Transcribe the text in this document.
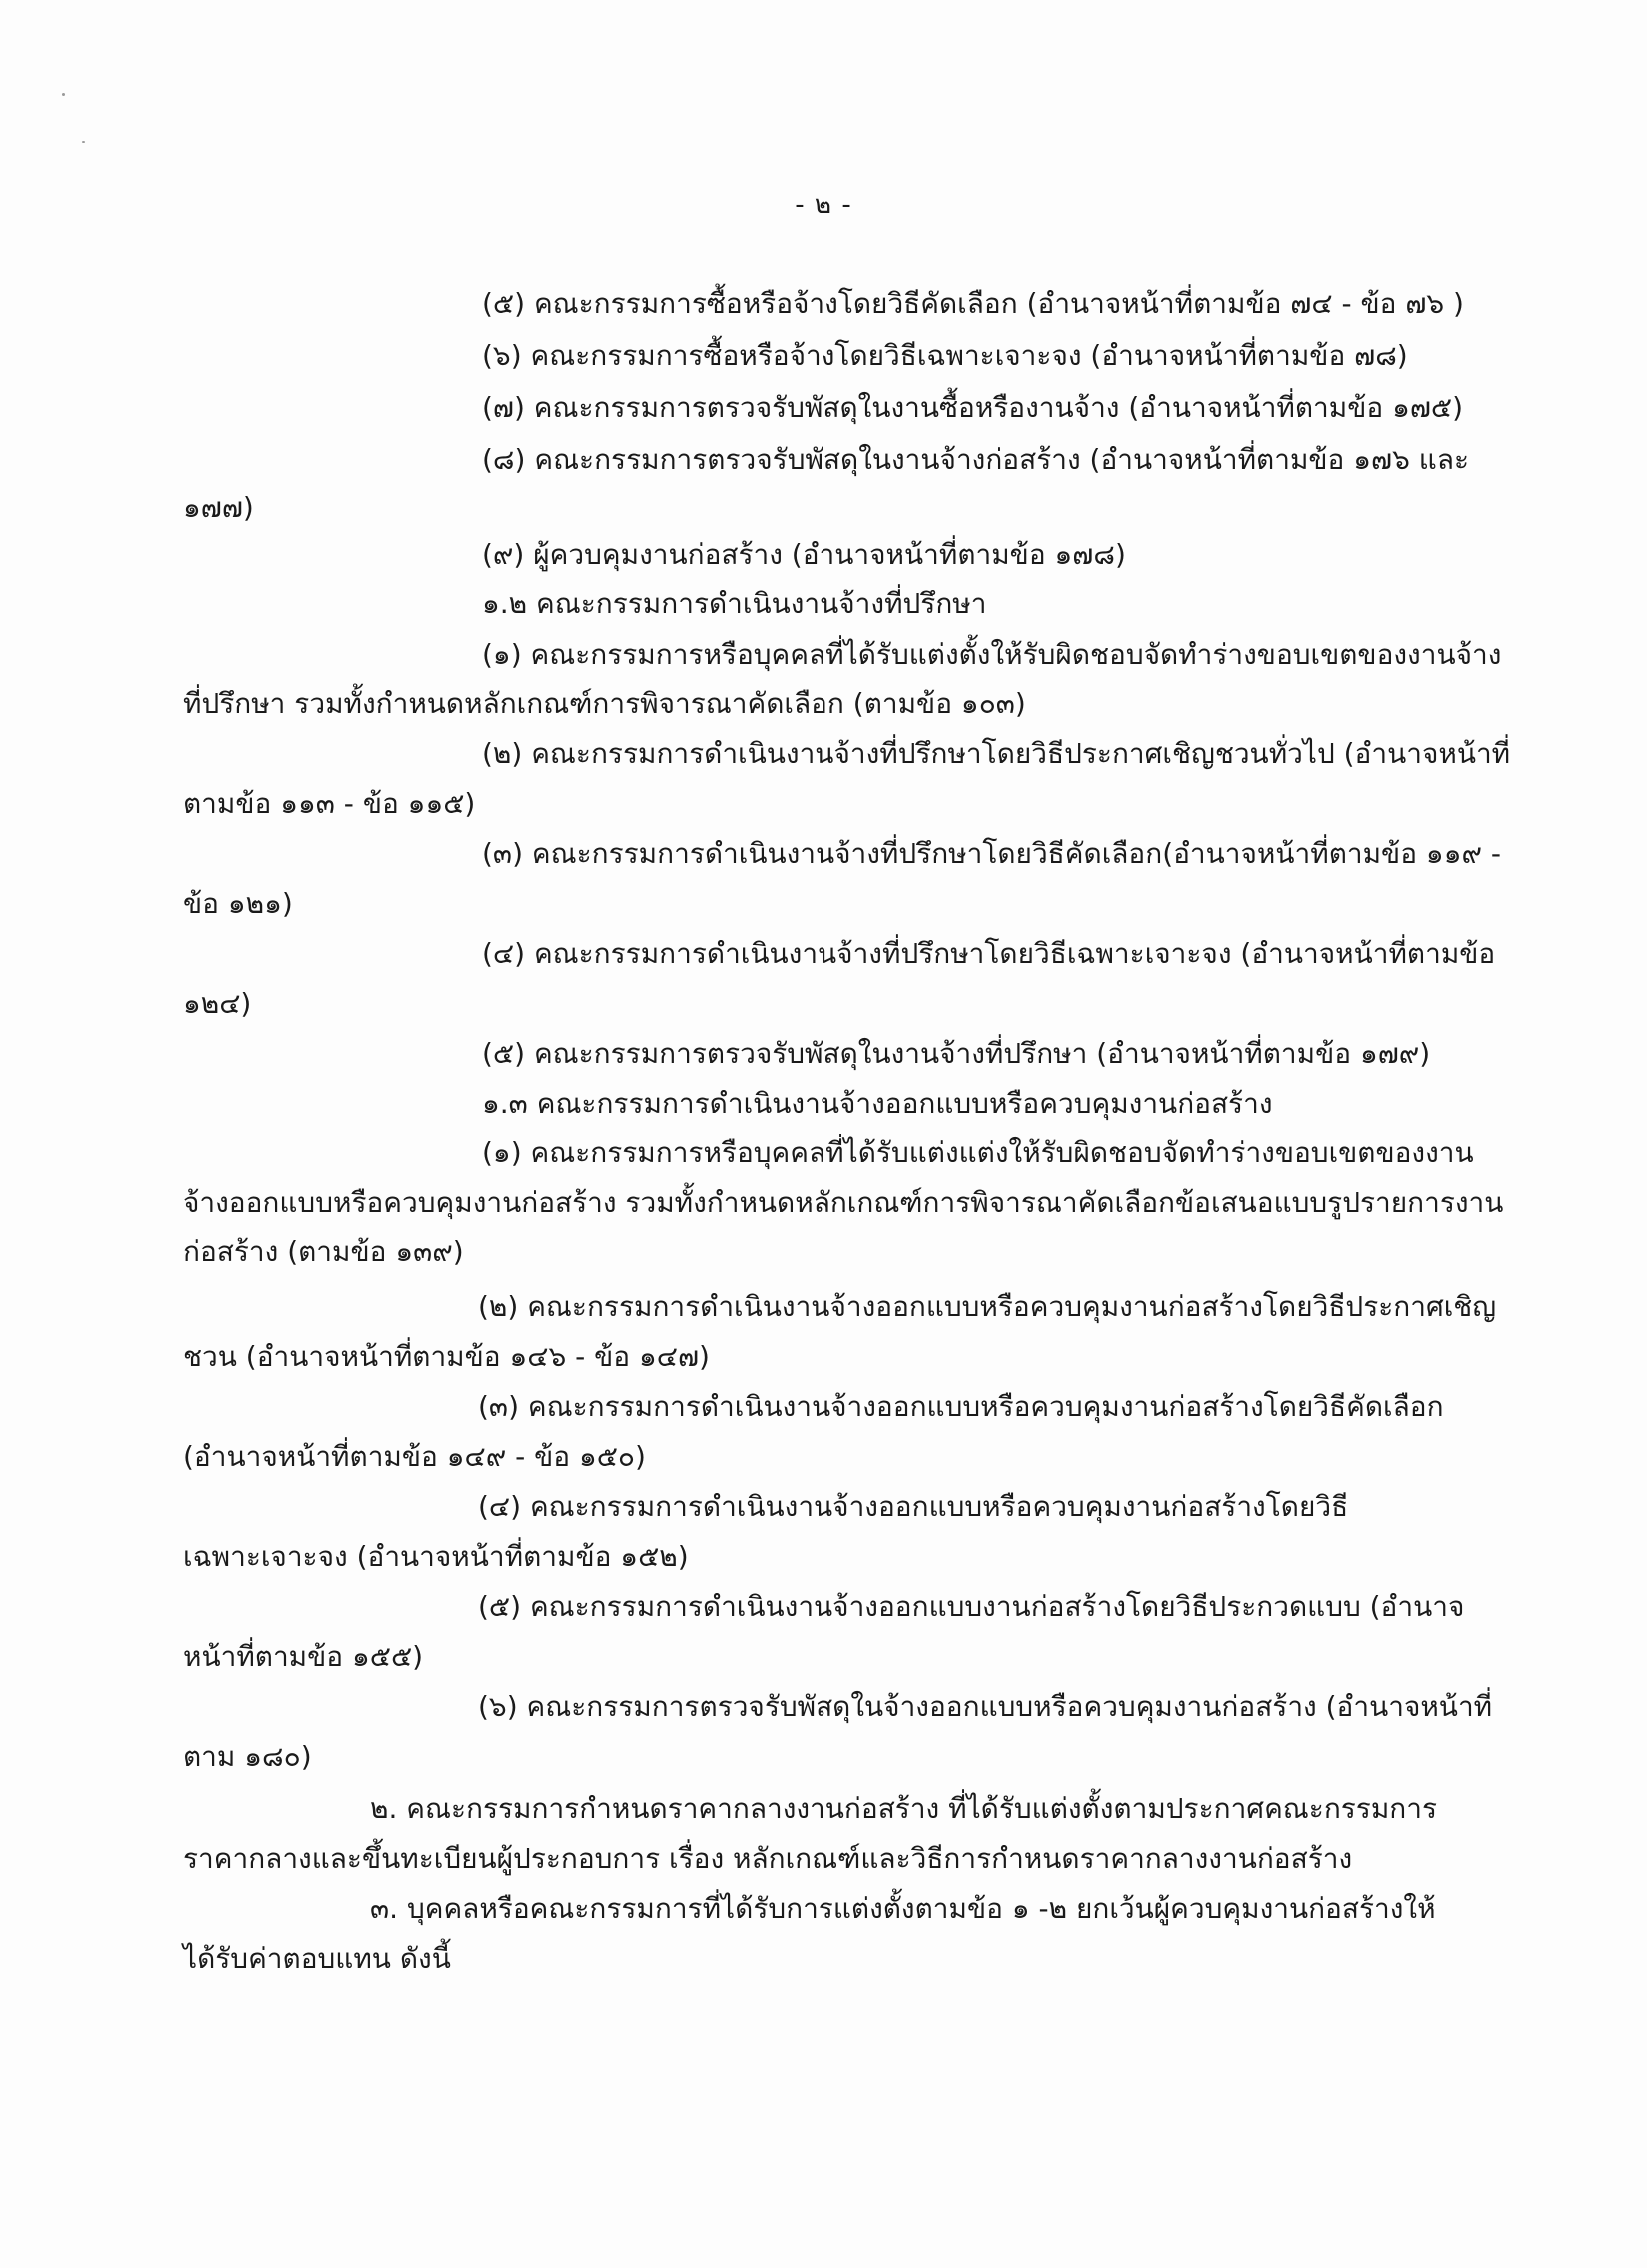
- ๒ -
(๕) คณะกรรมการซื้อหรือจ้างโดยวิธีคัดเลือก (อำนาจหน้าที่ตามข้อ ๗๔ - ข้อ ๗๖ )
(๖) คณะกรรมการซื้อหรือจ้างโดยวิธีเฉพาะเจาะจง (อำนาจหน้าที่ตามข้อ ๗๘)
(๗) คณะกรรมการตรวจรับพัสดุในงานซื้อหรืองานจ้าง (อำนาจหน้าที่ตามข้อ ๑๗๕)
(๘) คณะกรรมการตรวจรับพัสดุในงานจ้างก่อสร้าง (อำนาจหน้าที่ตามข้อ ๑๗๖ และ
๑๗๗)
(๙) ผู้ควบคุมงานก่อสร้าง (อำนาจหน้าที่ตามข้อ ๑๗๘)
๑.๒ คณะกรรมการดำเนินงานจ้างที่ปรึกษา
(๑) คณะกรรมการหรือบุคคลที่ได้รับแต่งตั้งให้รับผิดชอบจัดทำร่างขอบเขตของงานจ้าง
ที่ปรึกษา รวมทั้งกำหนดหลักเกณฑ์การพิจารณาคัดเลือก (ตามข้อ ๑๐๓)
(๒) คณะกรรมการดำเนินงานจ้างที่ปรึกษาโดยวิธีประกาศเชิญชวนทั่วไป (อำนาจหน้าที่
ตามข้อ ๑๑๓ - ข้อ ๑๑๕)
(๓) คณะกรรมการดำเนินงานจ้างที่ปรึกษาโดยวิธีคัดเลือก(อำนาจหน้าที่ตามข้อ ๑๑๙ -
ข้อ ๑๒๑)
(๔) คณะกรรมการดำเนินงานจ้างที่ปรึกษาโดยวิธีเฉพาะเจาะจง (อำนาจหน้าที่ตามข้อ
๑๒๔)
(๕) คณะกรรมการตรวจรับพัสดุในงานจ้างที่ปรึกษา (อำนาจหน้าที่ตามข้อ ๑๗๙)
๑.๓ คณะกรรมการดำเนินงานจ้างออกแบบหรือควบคุมงานก่อสร้าง
(๑) คณะกรรมการหรือบุคคลที่ได้รับแต่งแต่งให้รับผิดชอบจัดทำร่างขอบเขตของงาน
จ้างออกแบบหรือควบคุมงานก่อสร้าง รวมทั้งกำหนดหลักเกณฑ์การพิจารณาคัดเลือกข้อเสนอแบบรูปรายการงาน
ก่อสร้าง (ตามข้อ ๑๓๙)
(๒) คณะกรรมการดำเนินงานจ้างออกแบบหรือควบคุมงานก่อสร้างโดยวิธีประกาศเชิญ
ชวน (อำนาจหน้าที่ตามข้อ ๑๔๖ - ข้อ ๑๔๗)
(๓) คณะกรรมการดำเนินงานจ้างออกแบบหรือควบคุมงานก่อสร้างโดยวิธีคัดเลือก
(อำนาจหน้าที่ตามข้อ ๑๔๙ - ข้อ ๑๕๐)
(๔) คณะกรรมการดำเนินงานจ้างออกแบบหรือควบคุมงานก่อสร้างโดยวิธี
เฉพาะเจาะจง (อำนาจหน้าที่ตามข้อ ๑๕๒)
(๕) คณะกรรมการดำเนินงานจ้างออกแบบงานก่อสร้างโดยวิธีประกวดแบบ (อำนาจ
หน้าที่ตามข้อ ๑๕๕)
(๖) คณะกรรมการตรวจรับพัสดุในจ้างออกแบบหรือควบคุมงานก่อสร้าง (อำนาจหน้าที่
ตาม ๑๘๐)
๒. คณะกรรมการกำหนดราคากลางงานก่อสร้าง ที่ได้รับแต่งตั้งตามประกาศคณะกรรมการ
ราคากลางและขึ้นทะเบียนผู้ประกอบการ เรื่อง หลักเกณฑ์และวิธีการกำหนดราคากลางงานก่อสร้าง
๓. บุคคลหรือคณะกรรมการที่ได้รับการแต่งตั้งตามข้อ ๑ -๒ ยกเว้นผู้ควบคุมงานก่อสร้างให้
ได้รับค่าตอบแทน ดังนี้
